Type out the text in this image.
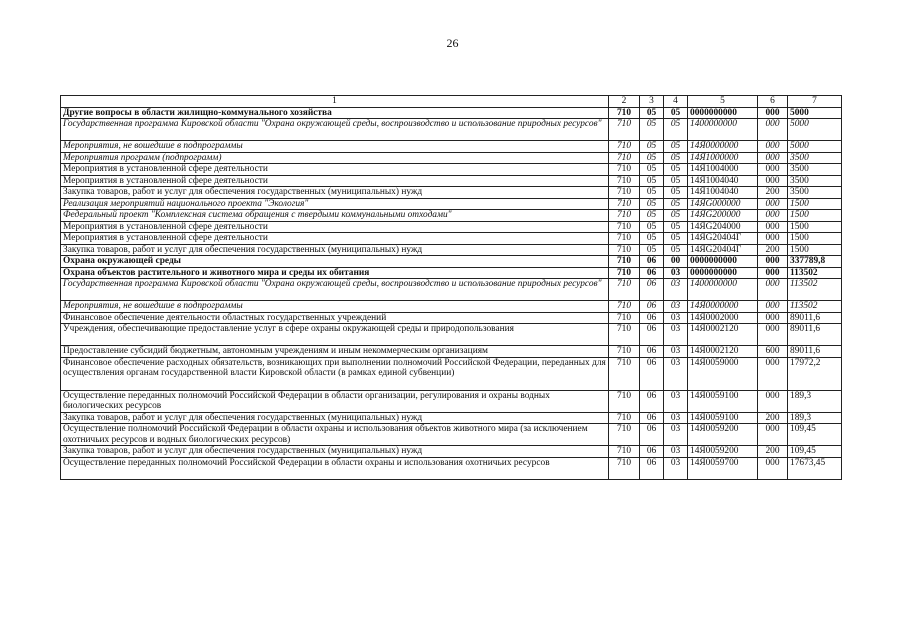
26
1	2	3	4	5	6	7
Другие вопросы в области жилищно-коммунального хозяйства	710	05	05	0000000000	000	5000
Государственная программа Кировской области "Охрана окружающей среды, воспроизводство и использование природных ресурсов"	710	05	05	1400000000	000	5000
Мероприятия, не вошедшие в подпрограммы	710	05	05	14Я0000000	000	5000
Мероприятия программ (подпрограмм)	710	05	05	14Я1000000	000	3500
Мероприятия в установленной сфере деятельности	710	05	05	14Я1004000	000	3500
Мероприятия в установленной сфере деятельности	710	05	05	14Я1004040	000	3500
Закупка товаров, работ и услуг для обеспечения государственных (муниципальных) нужд	710	05	05	14Я1004040	200	3500
Реализация мероприятий национального проекта "Экология"	710	05	05	14ЯG000000	000	1500
Федеральный проект "Комплексная система обращения с твердыми коммунальными отходами"	710	05	05	14ЯG200000	000	1500
Мероприятия в установленной сфере деятельности	710	05	05	14ЯG204000	000	1500
Мероприятия в установленной сфере деятельности	710	05	05	14ЯG20404Г	000	1500
Закупка товаров, работ и услуг для обеспечения государственных (муниципальных) нужд	710	05	05	14ЯG20404Г	200	1500
Охрана окружающей среды	710	06	00	0000000000	000	337789,8
Охрана объектов растительного и животного мира и среды их обитания	710	06	03	0000000000	000	113502
Государственная программа Кировской области "Охрана окружающей среды, воспроизводство и использование природных ресурсов"	710	06	03	1400000000	000	113502
Мероприятия, не вошедшие в подпрограммы	710	06	03	14Я0000000	000	113502
Финансовое обеспечение деятельности областных государственных учреждений	710	06	03	14Я0002000	000	89011,6
Учреждения, обеспечивающие предоставление услуг в сфере охраны окружающей среды и природопользования	710	06	03	14Я0002120	000	89011,6
Предоставление субсидий бюджетным, автономным учреждениям и иным некоммерческим организациям	710	06	03	14Я0002120	600	89011,6
Финансовое обеспечение расходных обязательств, возникающих при выполнении полномочий Российской Федерации, переданных для осуществления органам государственной власти Кировской области (в рамках единой субвенции)	710	06	03	14Я0059000	000	17972,2
Осуществление переданных полномочий Российской Федерации в области организации, регулирования и охраны водных биологических ресурсов	710	06	03	14Я0059100	000	189,3
Закупка товаров, работ и услуг для обеспечения государственных (муниципальных) нужд	710	06	03	14Я0059100	200	189,3
Осуществление полномочий Российской Федерации в области охраны и использования объектов животного мира (за исключением охотничьих ресурсов и водных биологических ресурсов)	710	06	03	14Я0059200	000	109,45
Закупка товаров, работ и услуг для обеспечения государственных (муниципальных) нужд	710	06	03	14Я0059200	200	109,45
Осуществление переданных полномочий Российской Федерации в области охраны и использования охотничьих ресурсов	710	06	03	14Я0059700	000	17673,45
